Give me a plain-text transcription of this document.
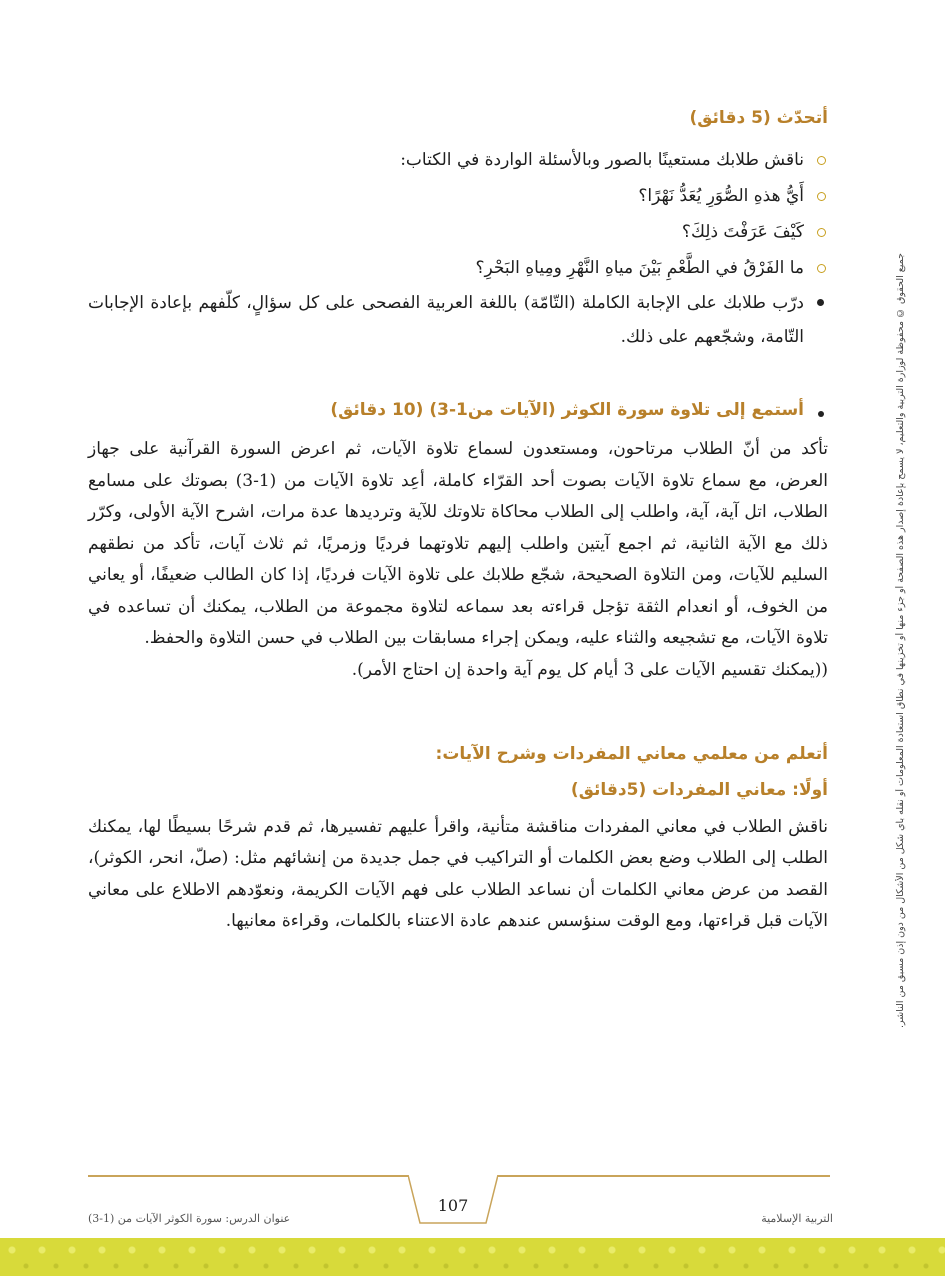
جميع الحقوق © محفوظة لوزارة التربية والتعليم، لا يسمح بإعادة إصدار هذه الصفحة أو جزء منها أو تخزينها في نطاق استعادة المعلومات أو نقله بأي شكل من الأشكال من دون إذن مسبق من الناشر.
أتحدّث (5 دقائق)
ناقش طلابك مستعينًا بالصور وبالأسئلة الواردة في الكتاب:
أَيُّ هذهِ الصُّوَرِ يُعَدُّ نَهْرًا؟
كَيْفَ عَرَفْتَ ذلِكَ؟
ما الفَرْقُ في الطَّعْمِ بَيْنَ مياهِ النَّهْرِ ومِياهِ البَحْرِ؟

درّب طلابك على الإجابة الكاملة (التّامّة) باللغة العربية الفصحى على كل سؤالٍ، كلّفهم بإعادة الإجابات التّامة، وشجّعهم على ذلك.

أستمع إلى تلاوة سورة الكوثر (الآيات من1-3) (10 دقائق)

تأكد من أنّ الطلاب مرتاحون، ومستعدون لسماع تلاوة الآيات، ثم اعرض السورة القرآنية على جهاز العرض، مع سماع تلاوة الآيات بصوت أحد القرّاء كاملة، أعِد تلاوة الآيات من (1-3) بصوتك على مسامع الطلاب، اتل آية، آية، واطلب إلى الطلاب محاكاة تلاوتك للآية وترديدها عدة مرات، اشرح الآية الأولى، وكرّر ذلك مع الآية الثانية، ثم اجمع آيتين واطلب إليهم تلاوتهما فرديًا وزمريًا، ثم ثلاث آيات، تأكد من نطقهم السليم للآيات، ومن التلاوة الصحيحة، شجّع طلابك على تلاوة الآيات فرديًا، إذا كان الطالب ضعيفًا، أو يعاني من الخوف، أو انعدام الثقة تؤجل قراءته بعد سماعه لتلاوة مجموعة من الطلاب، يمكنك أن تساعده في تلاوة الآيات، مع تشجيعه والثناء عليه، ويمكن إجراء مسابقات بين الطلاب في حسن التلاوة والحفظ.

((يمكنك تقسيم الآيات على 3 أيام كل يوم آية واحدة إن احتاج الأمر).

أتعلم من معلمي معاني المفردات وشرح الآيات:
أولًا: معاني المفردات (5دقائق)

ناقش الطلاب في معاني المفردات مناقشة متأنية، واقرأ عليهم تفسيرها، ثم قدم شرحًا بسيطًا لها، يمكنك الطلب إلى الطلاب وضع بعض الكلمات أو التراكيب في جمل جديدة من إنشائهم مثل: (صلّ، انحر، الكوثر)، القصد من عرض معاني الكلمات أن نساعد الطلاب على فهم الآيات الكريمة، ونعوّدهم الاطلاع على معاني الآيات قبل قراءتها، ومع الوقت سنؤسس عندهم عادة الاعتناء بالكلمات، وقراءة معانيها.

107
عنوان الدرس: سورة الكوثر الآيات من (1-3)	التربية الإسلامية
